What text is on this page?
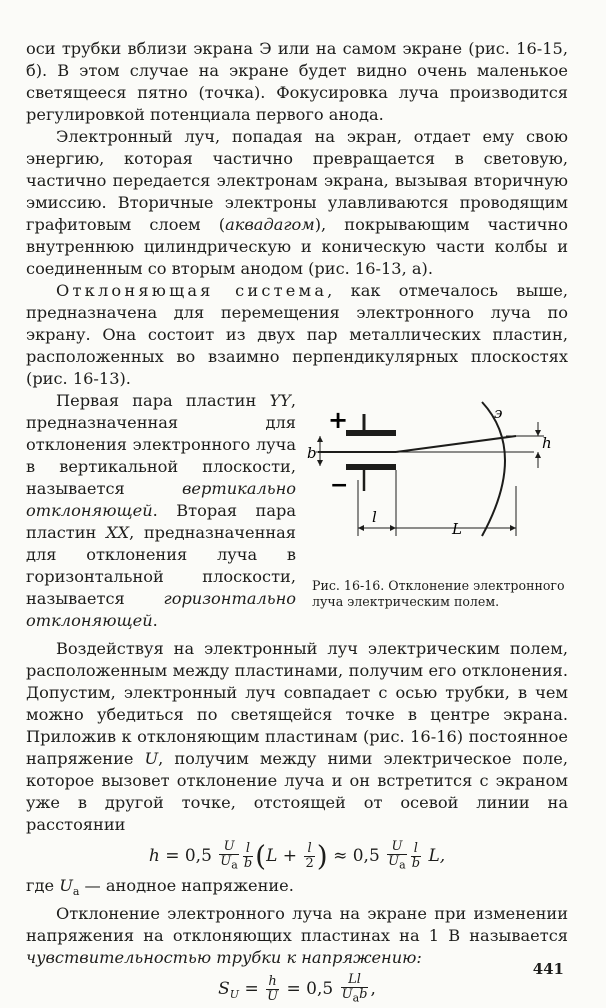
оси трубки вблизи экрана Э или на самом экране (рис. 16-15, б). В этом случае на экране будет видно очень маленькое светящееся пятно (точка). Фокусировка луча производится регулировкой потенциала первого анода.

Электронный луч, попадая на экран, отдает ему свою энергию, которая частично превращается в световую, частично передается электронам экрана, вызывая вторичную эмиссию. Вторичные электроны улавливаются проводящим графитовым слоем (аквадагом), покрывающим частично внутреннюю цилиндрическую и коническую части колбы и соединенным со вторым анодом (рис. 16-13, а).

Отклоняющая система, как отмечалось выше, предназначена для перемещения электронного луча по экрану. Она состоит из двух пар металлических пластин, расположенных во взаимно перпендикулярных плоскостях (рис. 16-13).

+
−
э
h
b
l
L
Рис. 16-16. Отклонение электронного луча электрическим полем.

Первая пара пластин YY, предназначенная для отклонения электронного луча в вертикальной плоскости, называется вертикально отклоняющей. Вторая пара пластин XX, предназначенная для отклонения луча в горизонтальной плоскости, называется горизонтально отклоняющей.

Воздействуя на электронный луч электрическим полем, расположенным между пластинами, получим его отклонения. Допустим, электронный луч совпадает с осью трубки, в чем можно убедиться по светящейся точке в центре экрана. Приложив к отклоняющим пластинам (рис. 16-16) постоянное напряжение U, получим между ними электрическое поле, которое вызовет отклонение луча и он встретится с экраном уже в другой точке, отстоящей от осевой линии на расстоянии

$h = 0,5 \frac{U}{U_а} \frac{l}{b} (L + \frac{l}{2}$ ) ≈ $0,5 \frac{U}{U_а} \frac{l}{b} L$,

где $U_а$ — анодное напряжение.

Отклонение электронного луча на экране при изменении напряжения на отклоняющих пластинах на 1 В называется чувствительностью трубки к напряжению:

$S_U = \frac{h}{U} = 0,5 \frac{Ll}{U_аb}$ ,
441
